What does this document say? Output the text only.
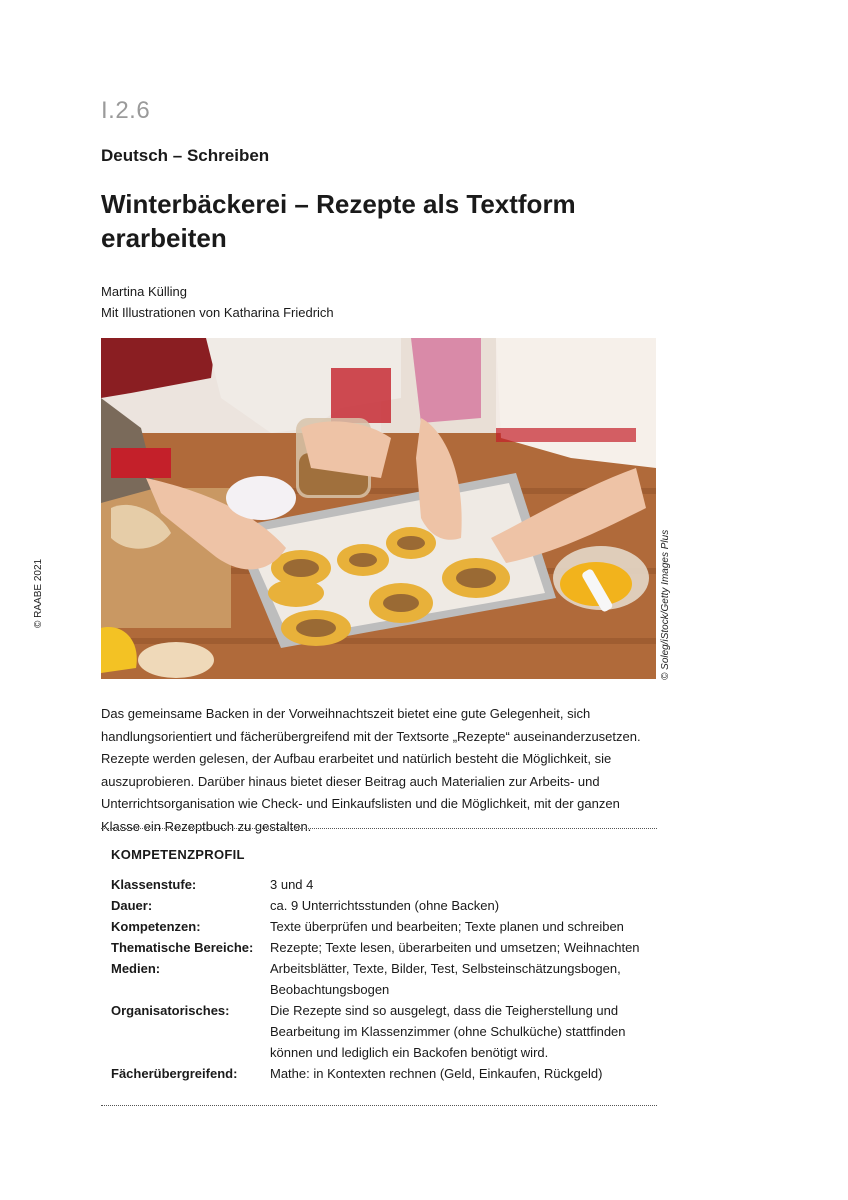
I.2.6
Deutsch – Schreiben
Winterbäckerei – Rezepte als Textform erarbeiten
Martina Külling
Mit Illustrationen von Katharina Friedrich
© Soleg/iStock/Getty Images Plus
© RAABE 2021
Das gemeinsame Backen in der Vorweihnachtszeit bietet eine gute Gelegenheit, sich handlungsorientiert und fächerübergreifend mit der Textsorte „Rezepte“ auseinanderzusetzen. Rezepte werden gelesen, der Aufbau erarbeitet und natürlich besteht die Möglichkeit, sie auszuprobieren. Darüber hinaus bietet dieser Beitrag auch Materialien zur Arbeits- und Unterrichtsorganisation wie Check- und Einkaufslisten und die Möglichkeit, mit der ganzen Klasse ein Rezeptbuch zu gestalten.
KOMPETENZPROFIL
Klassenstufe:	3 und 4
Dauer:	ca. 9 Unterrichtsstunden (ohne Backen)
Kompetenzen:	Texte überprüfen und bearbeiten; Texte planen und schreiben
Thematische Bereiche:	Rezepte; Texte lesen, überarbeiten und umsetzen; Weihnachten
Medien:	Arbeitsblätter, Texte, Bilder, Test, Selbsteinschätzungsbogen, Beobachtungsbogen
Organisatorisches:	Die Rezepte sind so ausgelegt, dass die Teigherstellung und Bearbeitung im Klassenzimmer (ohne Schulküche) stattfinden können und lediglich ein Backofen benötigt wird.
Fächerübergreifend:	Mathe: in Kontexten rechnen (Geld, Einkaufen, Rückgeld)
